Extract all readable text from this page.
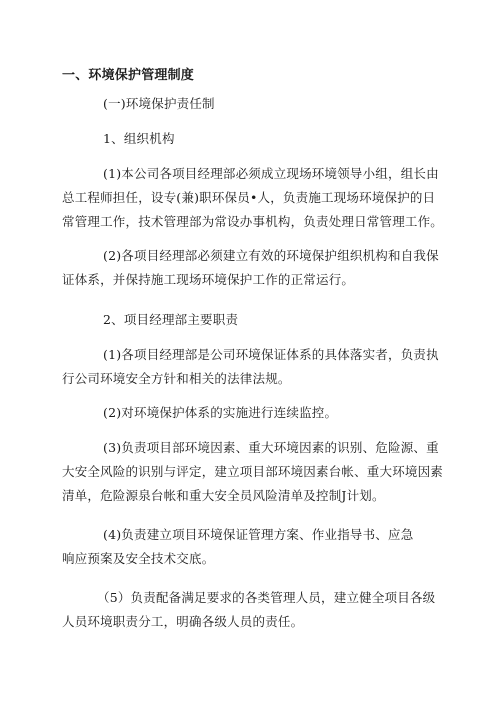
一、环境保护管理制度

(一)环境保护责任制

1、组织机构

(1)本公司各项目经理部必须成立现场环境领导小组，组长由

总工程师担任，设专(兼)职环保员•人，负责施工现场环境保护的日

常管理工作，技术管理部为常设办事机构，负责处理日常管理工作。

(2)各项目经理部必须建立有效的环境保护组织机构和自我保

证体系，并保持施工现场环境保护工作的正常运行。

2、项目经理部主要职责

(1)各项目经理部是公司环境保证体系的具体落实者，负责执

行公司环境安全方针和相关的法律法规。

(2)对环境保护体系的实施进行连续监控。

(3)负责项目部环境因素、重大环境因素的识别、危险源、重

大安全风险的识别与评定，建立项目部环境因素台帐、重大环境因素

清单，危险源泉台帐和重大安全员风险清单及控制J计划。

(4)负责建立项目环境保证管理方案、作业指导书、应急

响应预案及安全技术交底。

（5）负责配备满足要求的各类管理人员，建立健全项目各级

人员环境职责分工，明确各级人员的责任。
